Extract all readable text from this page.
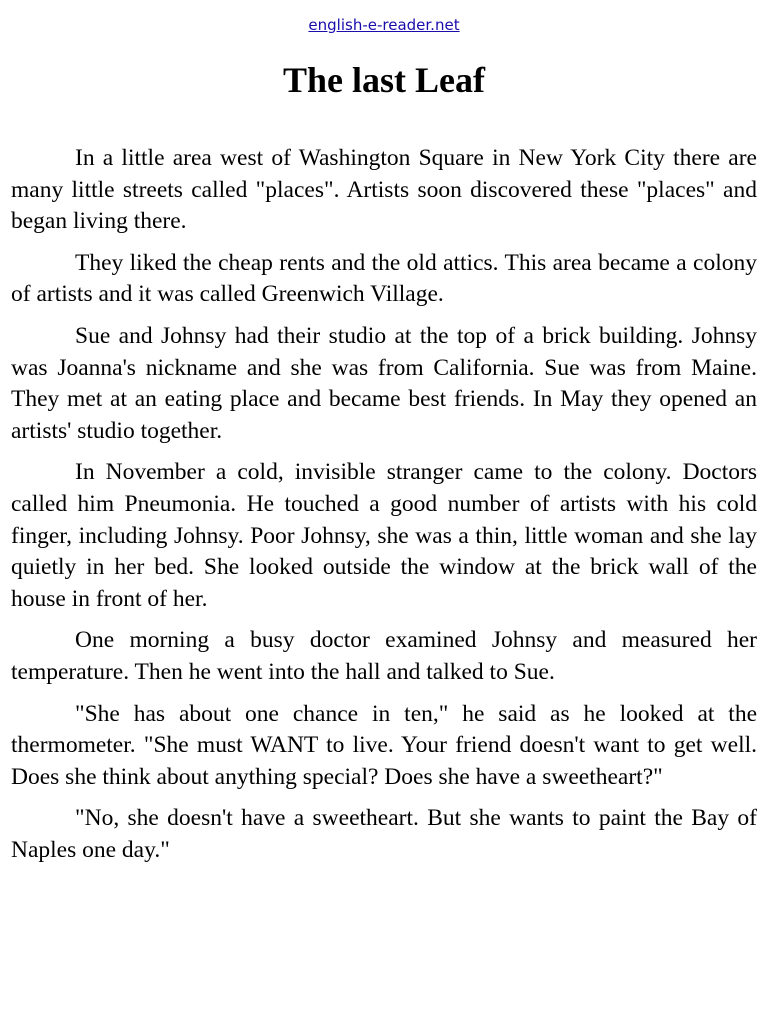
english-e-reader.net
The last Leaf

In a little area west of Washington Square in New York City there are many little streets called "places". Artists soon discovered these "places" and began living there.

They liked the cheap rents and the old attics. This area became a colony of artists and it was called Greenwich Village.

Sue and Johnsy had their studio at the top of a brick building. Johnsy was Joanna's nickname and she was from California. Sue was from Maine. They met at an eating place and became best friends. In May they opened an artists' studio together.

In November a cold, invisible stranger came to the colony. Doctors called him Pneumonia. He touched a good number of artists with his cold finger, including Johnsy. Poor Johnsy, she was a thin, little woman and she lay quietly in her bed. She looked outside the window at the brick wall of the house in front of her.

One morning a busy doctor examined Johnsy and measured her temperature. Then he went into the hall and talked to Sue.

"She has about one chance in ten," he said as he looked at the thermometer. "She must WANT to live. Your friend doesn't want to get well. Does she think about anything special? Does she have a sweetheart?"

"No, she doesn't have a sweetheart. But she wants to paint the Bay of Naples one day."
